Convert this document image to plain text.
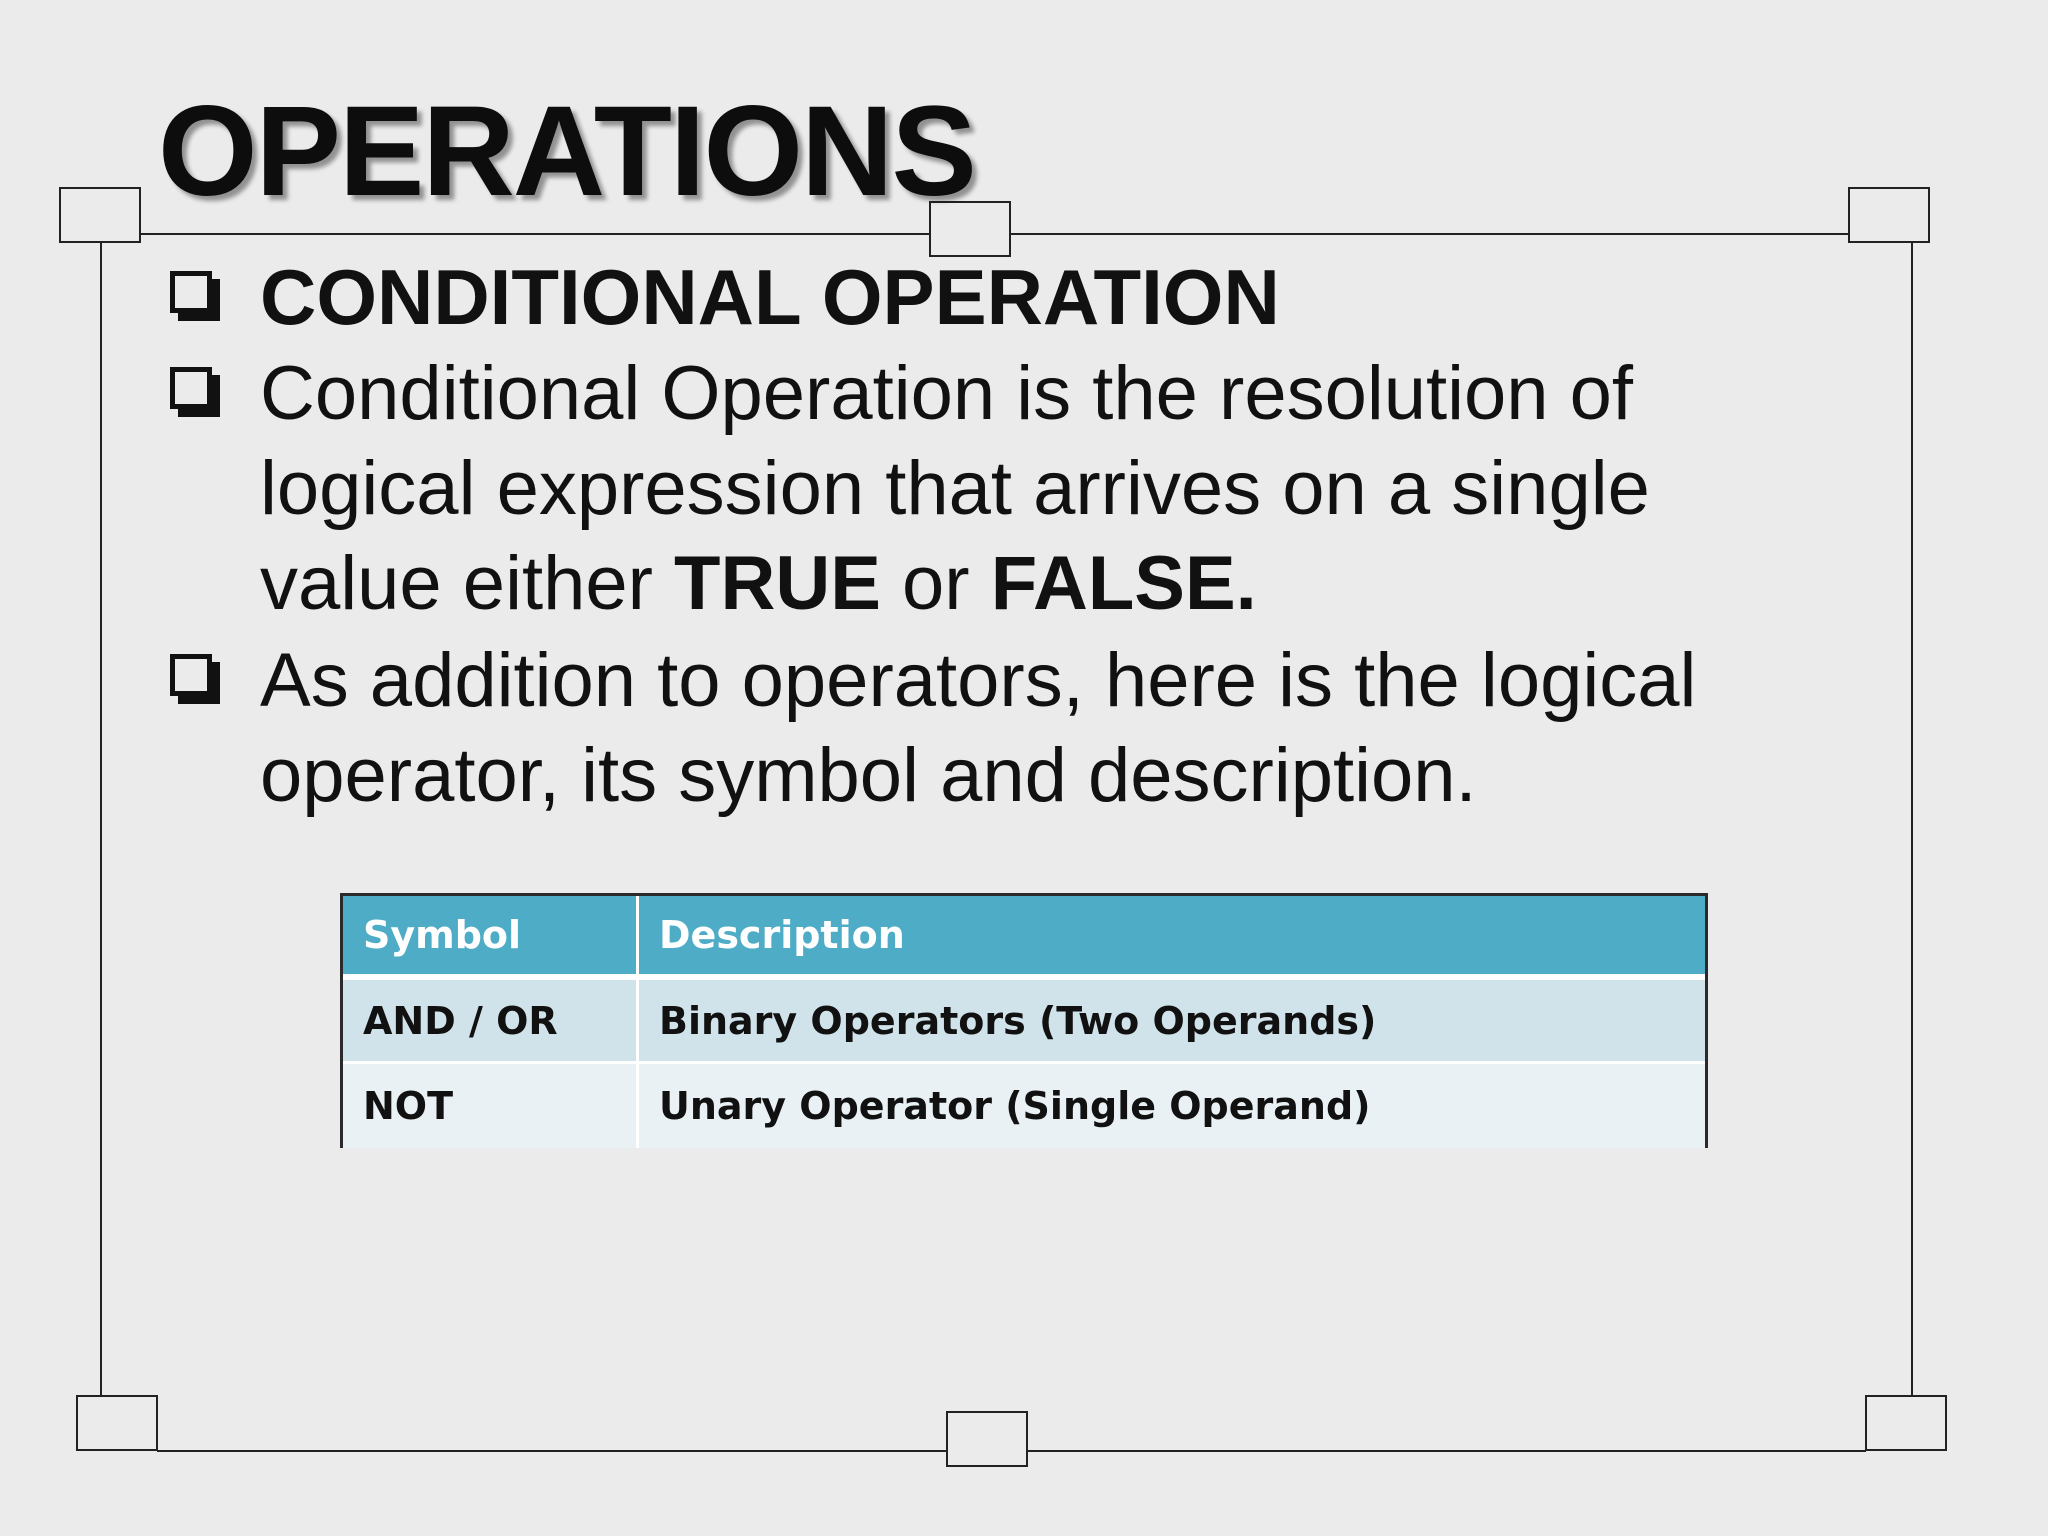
OPERATIONS
CONDITIONAL OPERATION
Conditional Operation is the resolution of
logical expression that arrives on a single
value either TRUE or FALSE.
As addition to operators, here is the logical
operator, its symbol and description.
Symbol	Description
AND / OR	Binary Operators (Two Operands)
NOT	Unary Operator (Single Operand)
